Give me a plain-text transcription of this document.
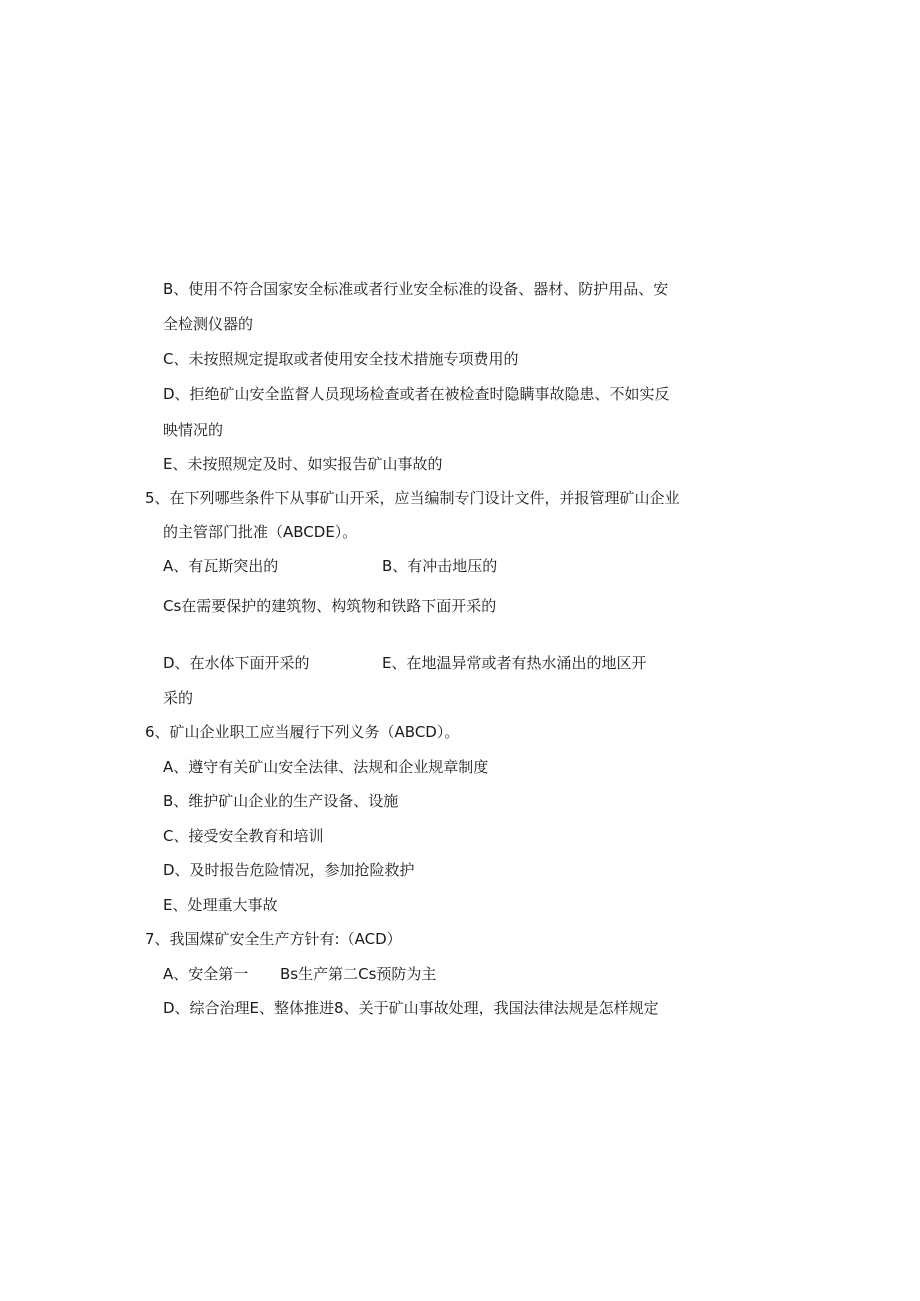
B、使用不符合国家安全标准或者行业安全标准的设备、器材、防护用品、安
全检测仪器的
C、未按照规定提取或者使用安全技术措施专项费用的
D、拒绝矿山安全监督人员现场检查或者在被检查时隐瞒事故隐患、不如实反
映情况的
E、未按照规定及时、如实报告矿山事故的
5、在下列哪些条件下从事矿山开采，应当编制专门设计文件，并报管理矿山企业
的主管部门批准（ABCDE）。
A、有瓦斯突出的	B、有冲击地压的
Cs在需要保护的建筑物、构筑物和铁路下面开采的
D、在水体下面开采的	E、在地温异常或者有热水涌出的地区开
采的
6、矿山企业职工应当履行下列义务（ABCD）。
A、遵守有关矿山安全法律、法规和企业规章制度
B、维护矿山企业的生产设备、设施
C、接受安全教育和培训
D、及时报告危险情况，参加抢险救护
E、处理重大事故
7、我国煤矿安全生产方针有:（ACD）
A、安全第一 Bs生产第二Cs预防为主
D、综合治理E、整体推进8、关于矿山事故处理，我国法律法规是怎样规定
